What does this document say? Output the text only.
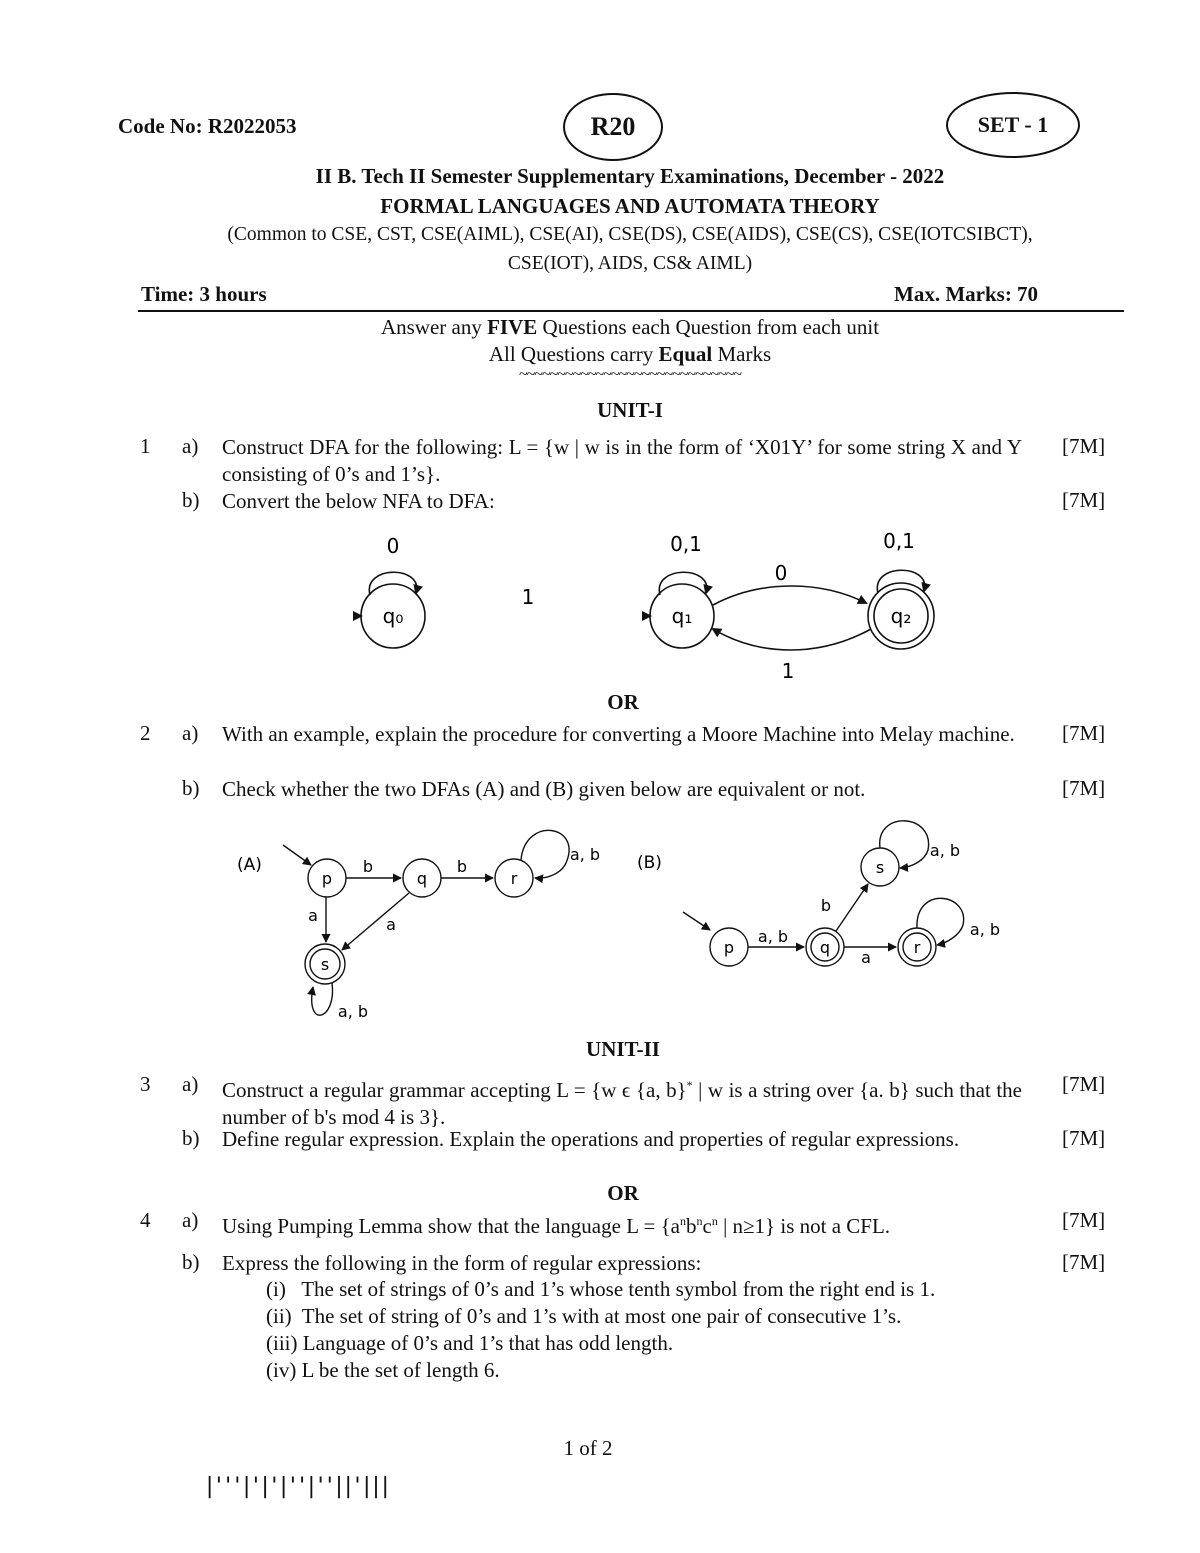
Code No: R2022053	R20	SET - 1
II B. Tech II Semester Supplementary Examinations, December - 2022
FORMAL LANGUAGES AND AUTOMATA THEORY
(Common to CSE, CST, CSE(AIML), CSE(AI), CSE(DS), CSE(AIDS), CSE(CS), CSE(IOTCSIBCT),
CSE(IOT), AIDS, CS& AIML)
Time: 3 hours	Max. Marks: 70
Answer any FIVE Questions each Question from each unit
All Questions carry Equal Marks
~~~~~~~~~~~~~~~~~~~~~~~~~~~~~
UNIT-I
1 a) Construct DFA for the following: L = {w | w is in the form of ‘X01Y’ for some string X and Y consisting of 0’s and 1’s}.
[7M]
b) Convert the below NFA to DFA:	[7M]
q₀
0
1
q₁
0,1
q₂
0,1
0
1
OR
2 a) With an example, explain the procedure for converting a Moore Machine into Melay machine.	[7M]
b) Check whether the two DFAs (A) and (B) given below are equivalent or not.	[7M]
(A)
p	q	r
s
b	b
a	a
a, b
a, b
(B)
p	q	r
s
a, b
a
b
a, b
a, b
UNIT-II
3 a) Construct a regular grammar accepting L = {w ϵ {a, b}* | w is a string over {a. b} such that the number of b's mod 4 is 3}.
[7M]
b) Define regular expression. Explain the operations and properties of regular expressions.	[7M]
OR
4 a) Using Pumping Lemma show that the language $L = \{a^nb^nc^n$ | n≥1} is not a CFL.	[7M]
b) Express the following in the form of regular expressions:	[7M]
(i)   The set of strings of 0’s and 1’s whose tenth symbol from the right end is 1.
(ii)  The set of string of 0’s and 1’s with at most one pair of consecutive 1’s.
(iii) Language of 0’s and 1’s that has odd length.
(iv) L be the set of length 6.
1 of 2
|'''|'|'|''|''||'|||
